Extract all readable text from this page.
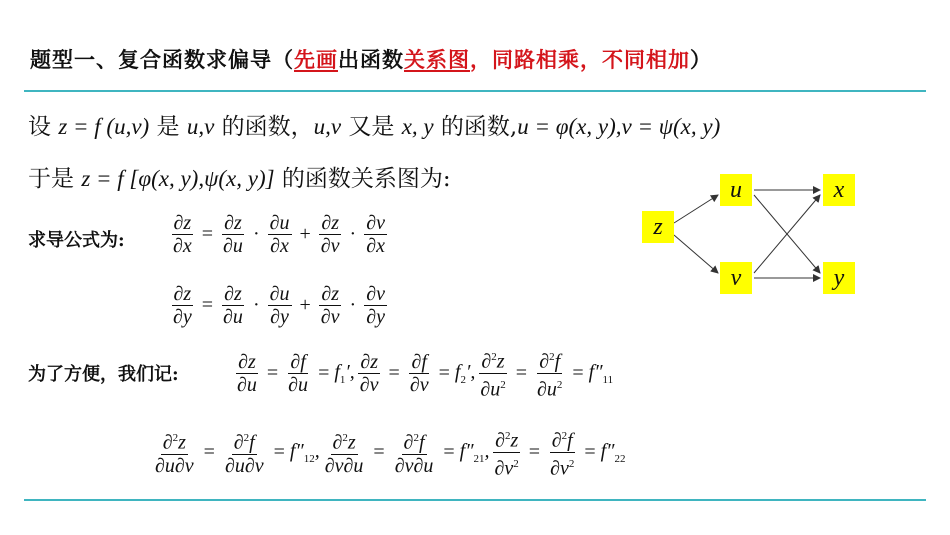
题型一、复合函数求偏导（先画出函数关系图，同路相乘，不同相加）
设 z = f (u,v) 是 u,v 的函数，u,v 又是 x, y 的函数,u = φ(x, y),v = ψ(x, y)
于是 z = f [φ(x, y),ψ(x, y)] 的函数关系图为:
求导公式为: $\frac{\partial z}{\partial x} = \frac{\partial z}{\partial u} \cdot \frac{\partial u}{\partial x} + \frac{\partial z}{\partial v} \cdot \frac{\partial v}{\partial x}$
$\frac{\partial z}{\partial y} = \frac{\partial z}{\partial u} \cdot \frac{\partial u}{\partial y} + \frac{\partial z}{\partial v} \cdot \frac{\partial v}{\partial y}$
为了方便，我们记:	$\frac{\partial z}{\partial u} = \frac{\partial f}{\partial u} = f_1'$, $\frac{\partial z}{\partial v} = \frac{\partial f}{\partial v} = f_2'$, $\frac{\partial^2z}{\partial u^2} = \frac{\partial^2f}{\partial u^2} = f''_{11}$
$\frac{\partial^2z}{\partial u\partial v} = \frac{\partial^2f}{\partial u\partial v} = f''_{12}$, $\frac{\partial^2z}{\partial v\partial u} = \frac{\partial^2f}{\partial v\partial u} = f''_{21}$, $\frac{\partial^2z}{\partial v^2} = \frac{\partial^2f}{\partial v^2} = f''_{22}$
z
u
v
x
y
